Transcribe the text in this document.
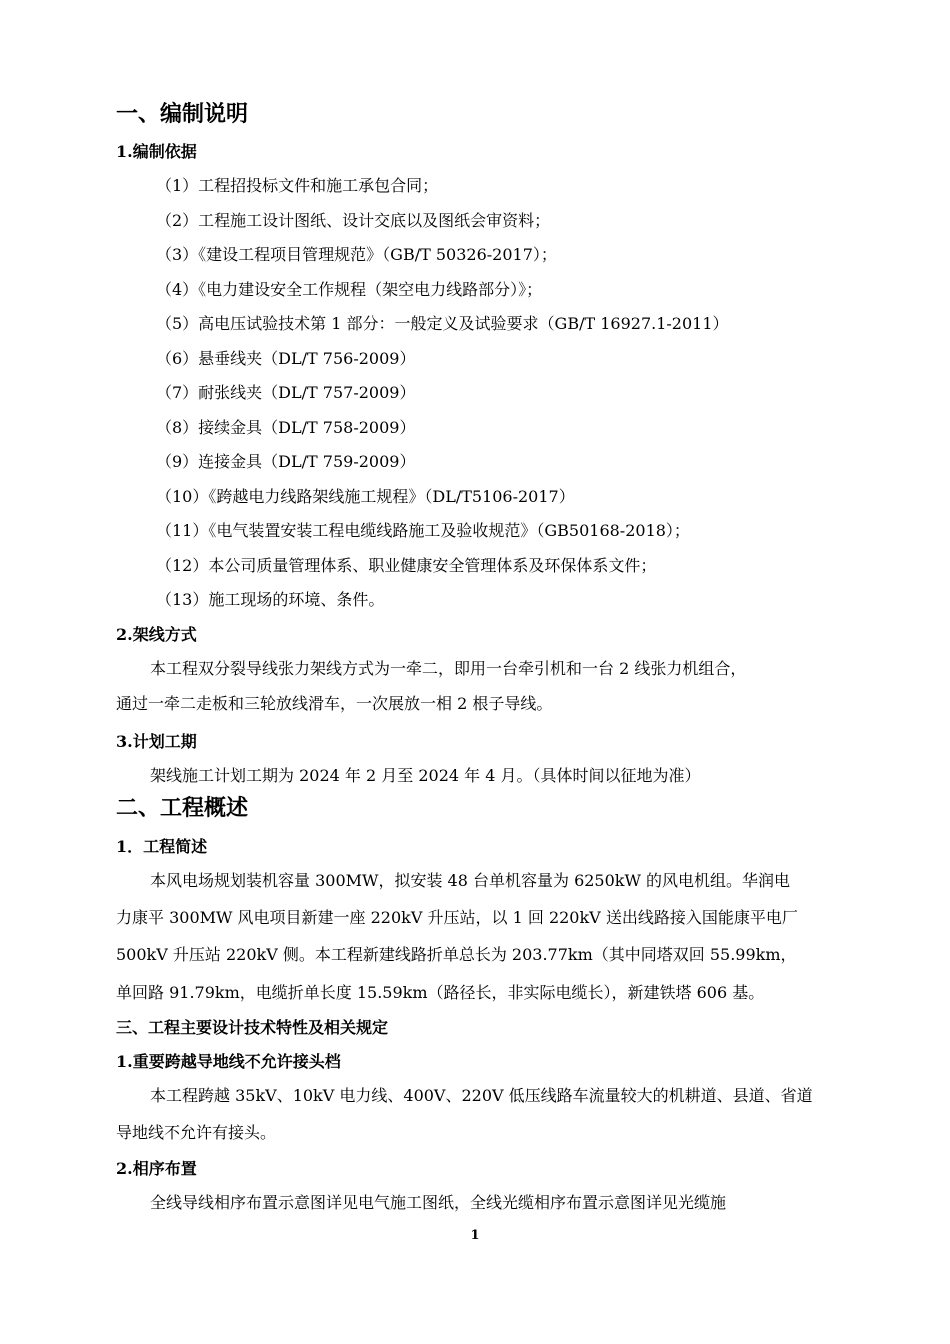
一、编制说明
1.编制依据
（1）工程招投标文件和施工承包合同；
（2）工程施工设计图纸、设计交底以及图纸会审资料；
（3）《建设工程项目管理规范》（GB/T 50326-2017）；
（4）《电力建设安全工作规程（架空电力线路部分）》；
（5）高电压试验技术第 1 部分：一般定义及试验要求（GB/T 16927.1-2011）
（6）悬垂线夹（DL/T 756-2009）
（7）耐张线夹（DL/T 757-2009）
（8）接续金具（DL/T 758-2009）
（9）连接金具（DL/T 759-2009）
（10）《跨越电力线路架线施工规程》（DL/T5106-2017）
（11）《电气装置安装工程电缆线路施工及验收规范》（GB50168-2018）；
（12）本公司质量管理体系、职业健康安全管理体系及环保体系文件；
（13）施工现场的环境、条件。
2.架线方式
本工程双分裂导线张力架线方式为一牵二，即用一台牵引机和一台 2 线张力机组合，
通过一牵二走板和三轮放线滑车，一次展放一相 2 根子导线。
3.计划工期
架线施工计划工期为 2024 年 2 月至 2024 年 4 月。（具体时间以征地为准）
二、工程概述
1．工程简述
本风电场规划装机容量 300MW，拟安装 48 台单机容量为 6250kW 的风电机组。华润电
力康平 300MW 风电项目新建一座 220kV 升压站，以 1 回 220kV 送出线路接入国能康平电厂
500kV 升压站 220kV 侧。本工程新建线路折单总长为 203.77km（其中同塔双回 55.99km，
单回路 91.79km，电缆折单长度 15.59km（路径长，非实际电缆长），新建铁塔 606 基。
三、工程主要设计技术特性及相关规定
1.重要跨越导地线不允许接头档
本工程跨越 35kV、10kV 电力线、400V、220V 低压线路车流量较大的机耕道、县道、省道
导地线不允许有接头。
2.相序布置
全线导线相序布置示意图详见电气施工图纸，全线光缆相序布置示意图详见光缆施
1
